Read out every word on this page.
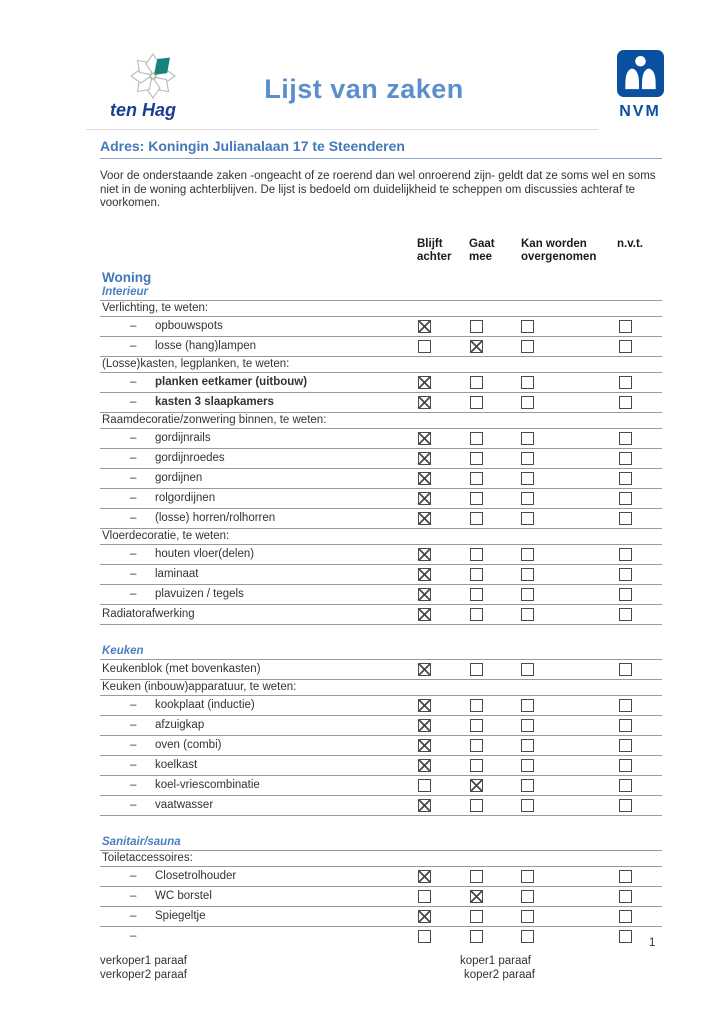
ten Hag
Lijst van zaken
NVM
Adres: Koningin Julianalaan 17 te Steenderen
Voor de onderstaande zaken -ongeacht of ze roerend dan wel onroerend zijn- geldt dat ze soms wel en soms niet in de woning achterblijven. De lijst is bedoeld om duidelijkheid te scheppen om discussies achteraf te voorkomen.
Blijft achter
Gaat mee
Kan worden overgenomen
n.v.t.
Woning
Interieur
Verlichting, te weten:
– opbouwspots
– losse (hang)lampen
(Losse)kasten, legplanken, te weten:
– planken eetkamer (uitbouw)
– kasten 3 slaapkamers
Raamdecoratie/zonwering binnen, te weten:
– gordijnrails
– gordijnroedes
– gordijnen
– rolgordijnen
– (losse) horren/rolhorren
Vloerdecoratie, te weten:
– houten vloer(delen)
– laminaat
– plavuizen / tegels
Radiatorafwerking
Keuken
Keukenblok (met bovenkasten)
Keuken (inbouw)apparatuur, te weten:
– kookplaat (inductie)
– afzuigkap
– oven (combi)
– koelkast
– koel-vriescombinatie
– vaatwasser
Sanitair/sauna
Toiletaccessoires:
– Closetrolhouder
– WC borstel
– Spiegeltje
–
1
verkoper1 paraaf
verkoper2 paraaf
koper1 paraaf
koper2 paraaf
